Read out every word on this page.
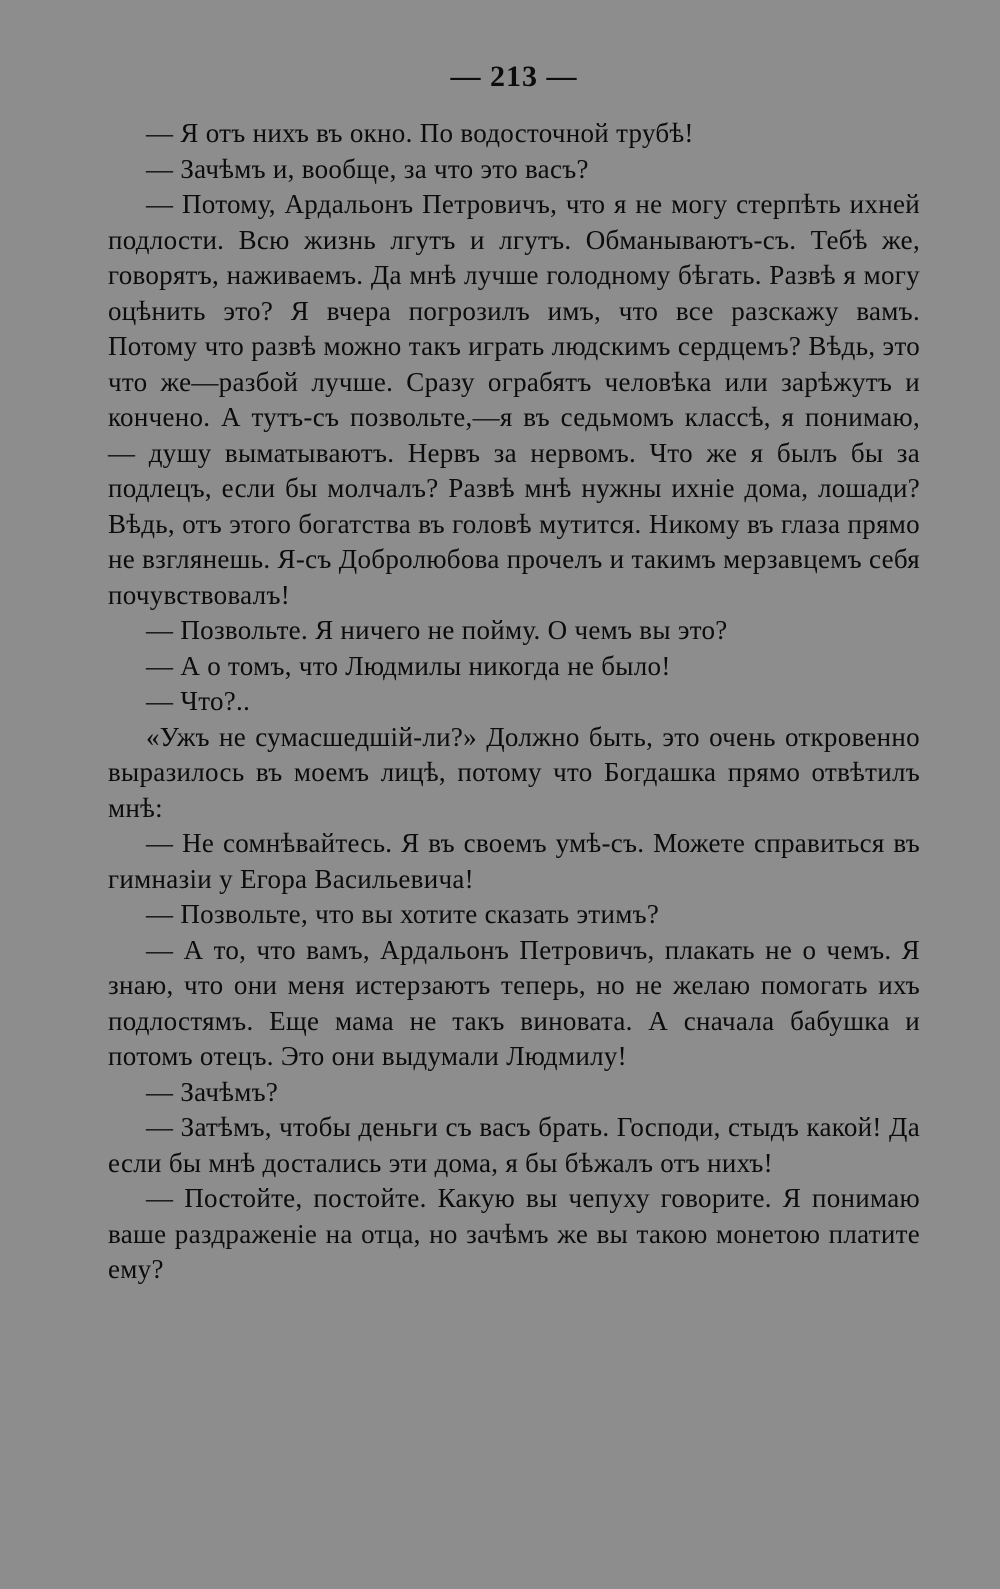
— 213 —

— Я отъ нихъ въ окно. По водосточной трубѣ!

— Зачѣмъ и, вообще, за что это васъ?

— Потому, Ардальонъ Петровичъ, что я не могу стерпѣть ихней подлости. Всю жизнь лгутъ и лгутъ. Обманываютъ-съ. Тебѣ же, говорятъ, наживаемъ. Да мнѣ лучше голодному бѣгать. Развѣ я могу оцѣнить это? Я вчера погрозилъ имъ, что все разскажу вамъ. Потому что развѣ можно такъ играть людскимъ сердцемъ? Вѣдь, это что же—разбой лучше. Сразу ограбятъ человѣка или зарѣжутъ и кончено. А тутъ-съ позвольте,—я въ седьмомъ классѣ, я понимаю, — душу выматываютъ. Нервъ за нервомъ. Что же я былъ бы за подлецъ, если бы молчалъ? Развѣ мнѣ нужны ихніе дома, лошади? Вѣдь, отъ этого богатства въ головѣ мутится. Никому въ глаза прямо не взглянешь. Я-съ Добролюбова прочелъ и такимъ мерзавцемъ себя почувствовалъ!

— Позвольте. Я ничего не пойму. О чемъ вы это?

— А о томъ, что Людмилы никогда не было!

— Что?..

«Ужъ не сумасшедшій-ли?» Должно быть, это очень откровенно выразилось въ моемъ лицѣ, потому что Богдашка прямо отвѣтилъ мнѣ:

— Не сомнѣвайтесь. Я въ своемъ умѣ-съ. Можете справиться въ гимназіи у Егора Васильевича!

— Позвольте, что вы хотите сказать этимъ?

— А то, что вамъ, Ардальонъ Петровичъ, плакать не о чемъ. Я знаю, что они меня истерзаютъ теперь, но не желаю помогать ихъ подлостямъ. Еще мама не такъ виновата. А сначала бабушка и потомъ отецъ. Это они выдумали Людмилу!

— Зачѣмъ?

— Затѣмъ, чтобы деньги съ васъ брать. Господи, стыдъ какой! Да если бы мнѣ достались эти дома, я бы бѣжалъ отъ нихъ!

— Постойте, постойте. Какую вы чепуху говорите. Я понимаю ваше раздраженіе на отца, но зачѣмъ же вы такою монетою платите ему?
